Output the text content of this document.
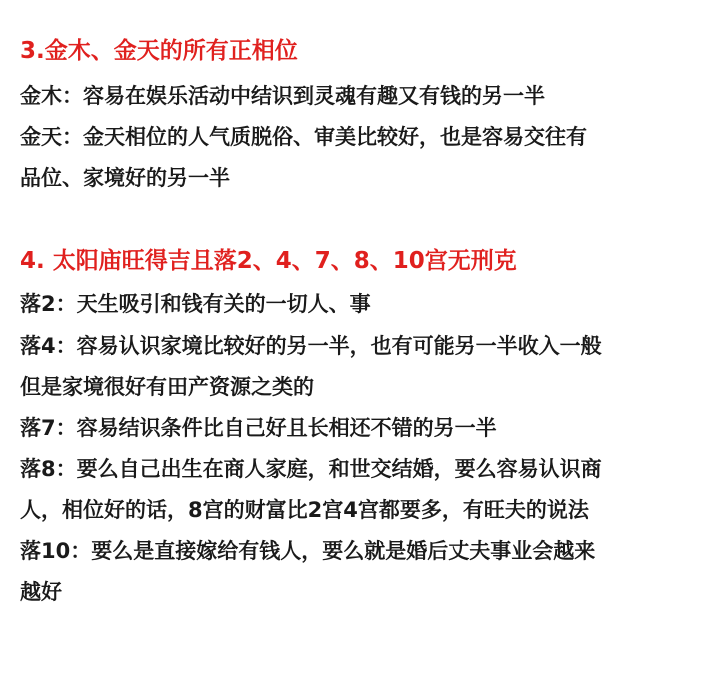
3.金木、金天的所有正相位

金木：容易在娱乐活动中结识到灵魂有趣又有钱的另一半

金天：金天相位的人气质脱俗、审美比较好，也是容易交往有

品位、家境好的另一半

4. 太阳庙旺得吉且落2、4、7、8、10宫无刑克

落2：天生吸引和钱有关的一切人、事

落4：容易认识家境比较好的另一半，也有可能另一半收入一般

但是家境很好有田产资源之类的

落7：容易结识条件比自己好且长相还不错的另一半

落8：要么自己出生在商人家庭，和世交结婚，要么容易认识商

人，相位好的话，8宫的财富比2宫4宫都要多，有旺夫的说法

落10：要么是直接嫁给有钱人，要么就是婚后丈夫事业会越来

越好
